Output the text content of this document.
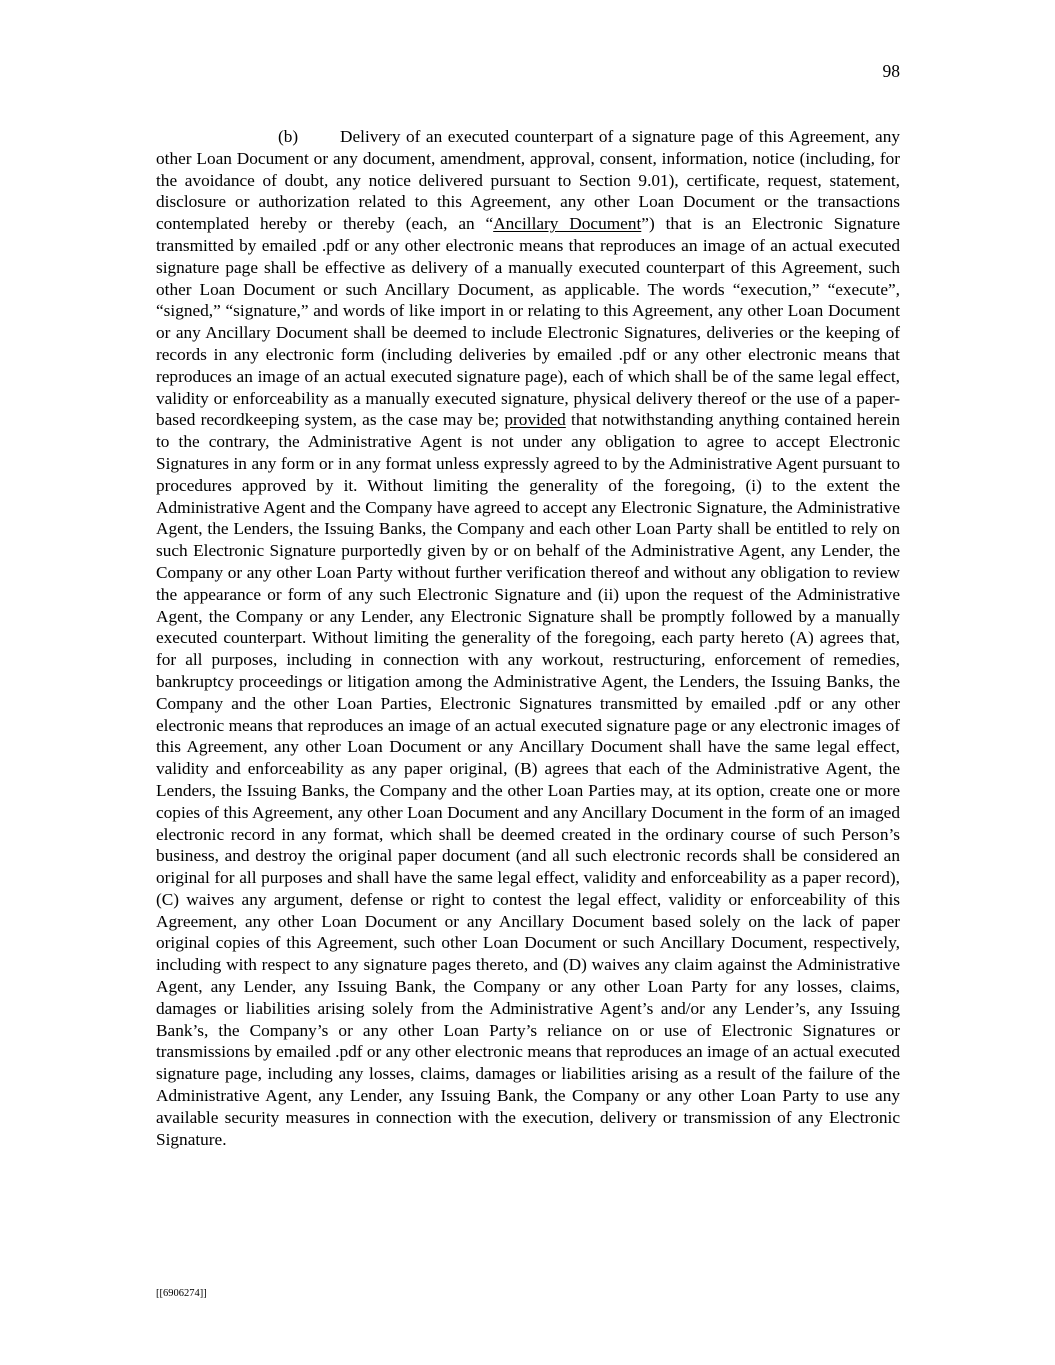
98

(b) Delivery of an executed counterpart of a signature page of this Agreement, any other Loan Document or any document, amendment, approval, consent, information, notice (including, for the avoidance of doubt, any notice delivered pursuant to Section 9.01), certificate, request, statement, disclosure or authorization related to this Agreement, any other Loan Document or the transactions contemplated hereby or thereby (each, an “Ancillary Document”) that is an Electronic Signature transmitted by emailed .pdf or any other electronic means that reproduces an image of an actual executed signature page shall be effective as delivery of a manually executed counterpart of this Agreement, such other Loan Document or such Ancillary Document, as applicable. The words “execution,” “execute”, “signed,” “signature,” and words of like import in or relating to this Agreement, any other Loan Document or any Ancillary Document shall be deemed to include Electronic Signatures, deliveries or the keeping of records in any electronic form (including deliveries by emailed .pdf or any other electronic means that reproduces an image of an actual executed signature page), each of which shall be of the same legal effect, validity or enforceability as a manually executed signature, physical delivery thereof or the use of a paper-based recordkeeping system, as the case may be; provided that notwithstanding anything contained herein to the contrary, the Administrative Agent is not under any obligation to agree to accept Electronic Signatures in any form or in any format unless expressly agreed to by the Administrative Agent pursuant to procedures approved by it. Without limiting the generality of the foregoing, (i) to the extent the Administrative Agent and the Company have agreed to accept any Electronic Signature, the Administrative Agent, the Lenders, the Issuing Banks, the Company and each other Loan Party shall be entitled to rely on such Electronic Signature purportedly given by or on behalf of the Administrative Agent, any Lender, the Company or any other Loan Party without further verification thereof and without any obligation to review the appearance or form of any such Electronic Signature and (ii) upon the request of the Administrative Agent, the Company or any Lender, any Electronic Signature shall be promptly followed by a manually executed counterpart. Without limiting the generality of the foregoing, each party hereto (A) agrees that, for all purposes, including in connection with any workout, restructuring, enforcement of remedies, bankruptcy proceedings or litigation among the Administrative Agent, the Lenders, the Issuing Banks, the Company and the other Loan Parties, Electronic Signatures transmitted by emailed .pdf or any other electronic means that reproduces an image of an actual executed signature page or any electronic images of this Agreement, any other Loan Document or any Ancillary Document shall have the same legal effect, validity and enforceability as any paper original, (B) agrees that each of the Administrative Agent, the Lenders, the Issuing Banks, the Company and the other Loan Parties may, at its option, create one or more copies of this Agreement, any other Loan Document and any Ancillary Document in the form of an imaged electronic record in any format, which shall be deemed created in the ordinary course of such Person’s business, and destroy the original paper document (and all such electronic records shall be considered an original for all purposes and shall have the same legal effect, validity and enforceability as a paper record), (C) waives any argument, defense or right to contest the legal effect, validity or enforceability of this Agreement, any other Loan Document or any Ancillary Document based solely on the lack of paper original copies of this Agreement, such other Loan Document or such Ancillary Document, respectively, including with respect to any signature pages thereto, and (D) waives any claim against the Administrative Agent, any Lender, any Issuing Bank, the Company or any other Loan Party for any losses, claims, damages or liabilities arising solely from the Administrative Agent’s and/or any Lender’s, any Issuing Bank’s, the Company’s or any other Loan Party’s reliance on or use of Electronic Signatures or transmissions by emailed .pdf or any other electronic means that reproduces an image of an actual executed signature page, including any losses, claims, damages or liabilities arising as a result of the failure of the Administrative Agent, any Lender, any Issuing Bank, the Company or any other Loan Party to use any available security measures in connection with the execution, delivery or transmission of any Electronic Signature.

[[6906274]]
